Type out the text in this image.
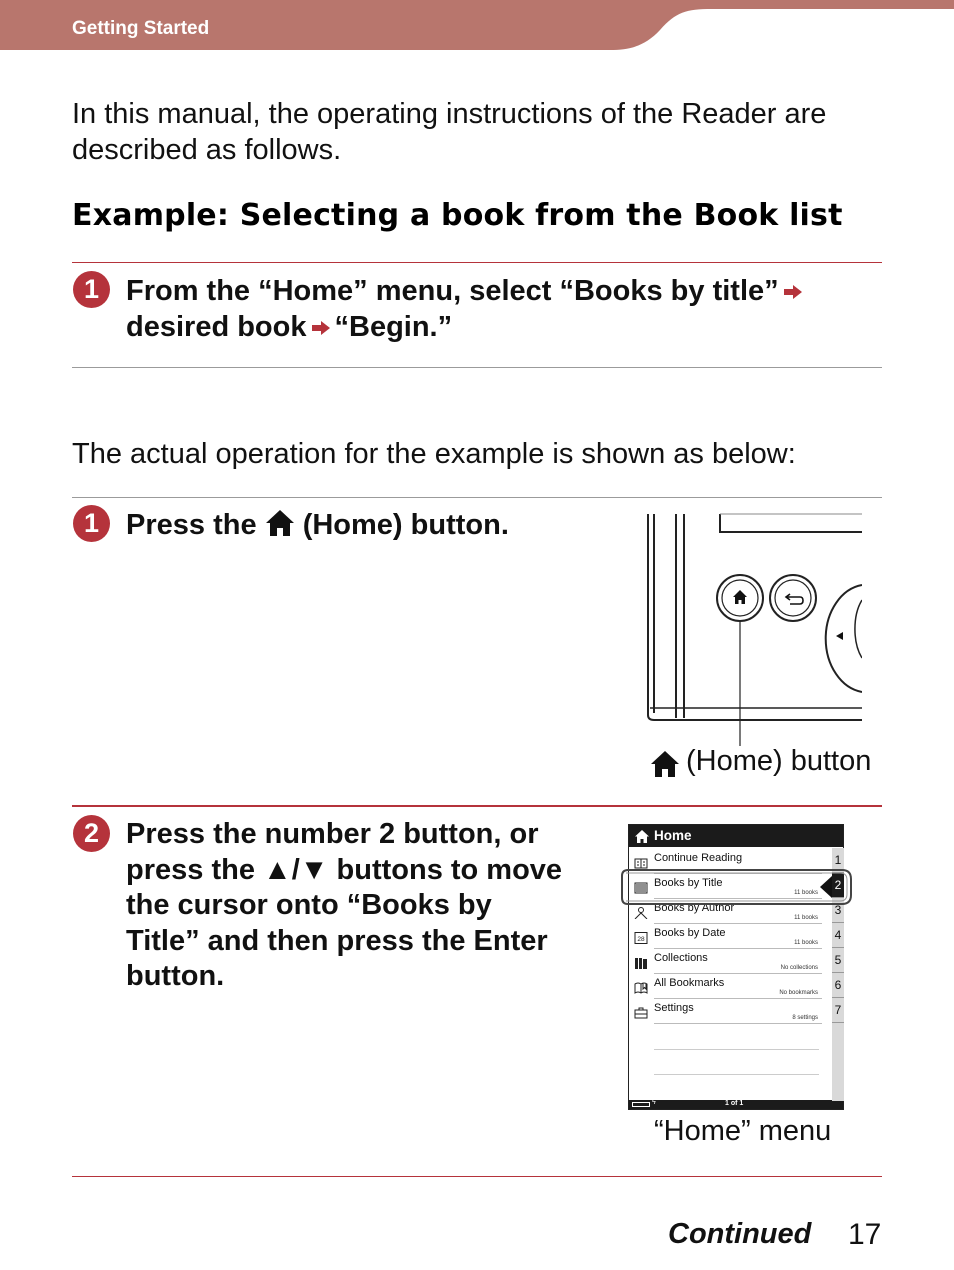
Getting Started
In this manual, the operating instructions of the Reader are described as follows.
Example: Selecting a book from the Book list
1 From the “Home” menu, select “Books by title”
desired book “Begin.”
The actual operation for the example is shown as below:
1 Press the (Home) button.
(Home) button
2 Press the number 2 button, or
press the ▲/▼ buttons to move
the cursor onto “Books by
Title” and then press the Enter
button.
Home
Continue Reading
Books by Title
11 books
Books by Author
11 books
28
Books by Date
11 books
Collections
No collections
All Bookmarks
No bookmarks
Settings
8 settings
ϟ	1 of 1
1
2
3
4
5
6
7
“Home” menu
Continued 17
